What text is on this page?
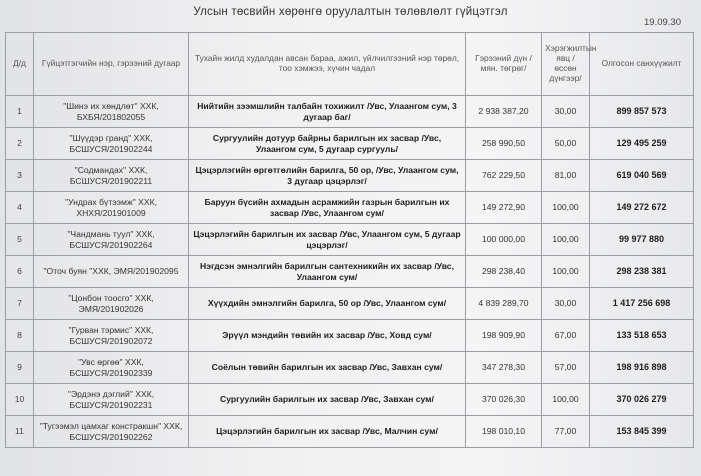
Улсын төсвийн хөрөнгө оруулалтын төлөвлөлт гүйцэтгэл
19.09.30
Д/д	Гүйцэтгэгчийн нэр, гэрээний дугаар	Тухайн жилд худалдан авсан бараа, ажил, үйлчилгээний нэр төрөл, тоо хэмжээ, хүчин чадал	Гэрээний дүн / мян. төгрөг/	Хэрэгжилтын явц / өссөн дүнгээр/	Олгосон санхүүжилт
1	"Шинэ их хөндлөт" ХХК, БХБЯ/201802055	Нийтийн зээмшлийн талбайн тохижилт /Увс, Улаангом сум, 3 дугаар баг/	2 938 387,20	30,00	899 857 573
2	"Шүүдэр гранд" ХХК, БСШУСЯ/201902244	Сургуулийн дотуур байрны барилгын их засвар /Увс, Улаангом сум, 5 дугаар сургууль/	258 990,50	50,00	129 495 259
3	"Содмандах" ХХК, БСШУСЯ/201902211	Цэцэрлэгийн өргөтгөлийн барилга, 50 ор, /Увс, Улаангом сум, 3 дугаар цэцэрлэг/	762 229,50	81,00	619 040 569
4	"Ундрах бүтээмж" ХХК, ХНХЯ/201901009	Баруун бүсийн ахмадын асрамжийн газрын барилгын их засвар /Увс, Улаангом сум/	149 272,90	100,00	149 272 672
5	"Чандмань туул" ХХК, БСШУСЯ/201902264	Цэцэрлэгийн барилгын их засвар /Увс, Улаангом сум, 5 дугаар цэцэрлэг/	100 000,00	100,00	99 977 880
6	"Оточ буян "ХХК, ЭМЯ/201902095	Нэгдсэн эмнэлгийн барилгын сантехникийн их засвар /Увс, Улаангом сум/	298 238,40	100,00	298 238 381
7	"Цонбон тоосго" ХХК, ЭМЯ/201902026	Хүүхдийн эмнэлгийн барилга, 50 ор /Увс, Улаангом сум/	4 839 289,70	30,00	1 417 256 698
8	"Гурван тэрмис" ХХК, БСШУСЯ/201902072	Эрүүл мэндийн төвийн их засвар /Увс, Ховд сум/	198 909,90	67,00	133 518 653
9	"Увс өргөө" ХХК, БСШУСЯ/201902339	Соёлын төвийн барилгын их засвар /Увс, Завхан сум/	347 278,30	57,00	198 916 898
10	"Эрдэнэ дэглий" ХХК, БСШУСЯ/201902231	Сургуулийн барилгын их засвар /Увс, Завхан сум/	370 026,30	100,00	370 026 279
11	"Тугээмэл цамхаг констракшн" ХХК, БСШУСЯ/201902262	Цэцэрлэгийн барилгын их засвар /Увс, Малчин сум/	198 010,10	77,00	153 845 399
